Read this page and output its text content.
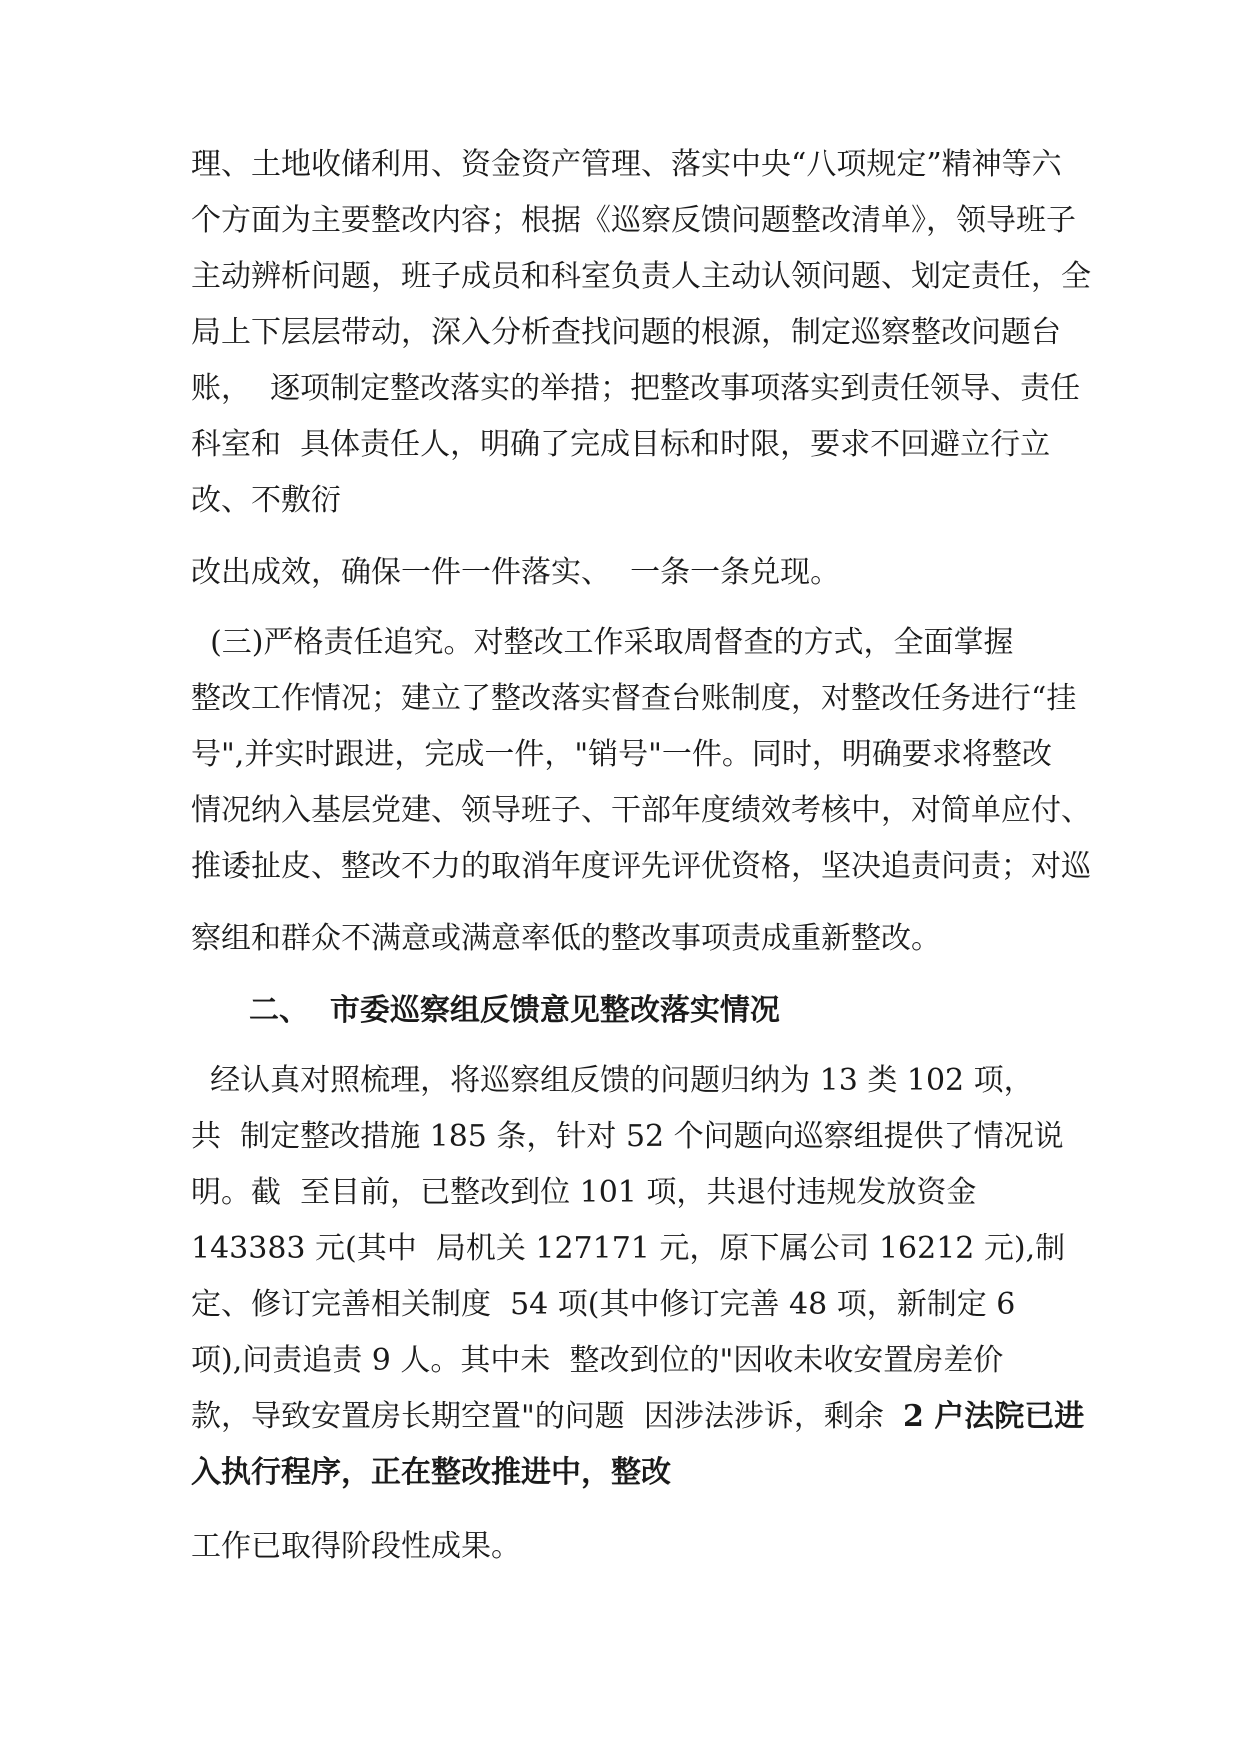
理、土地收储利用、资金资产管理、落实中央“八项规定”精神等六
个方面为主要整改内容；根据《巡察反馈问题整改清单》，领导班子
主动辨析问题，班子成员和科室负责人主动认领问题、划定责任，全
局上下层层带动，深入分析查找问题的根源，制定巡察整改问题台
账，  逐项制定整改落实的举措；把整改事项落实到责任领导、责任
科室和  具体责任人，明确了完成目标和时限，要求不回避立行立
改、不敷衍
改出成效，确保一件一件落实、  一条一条兑现。
(三)严格责任追究。对整改工作采取周督查的方式，全面掌握
整改工作情况；建立了整改落实督查台账制度，对整改任务进行“挂
号",并实时跟进，完成一件，"销号"一件。同时，明确要求将整改
情况纳入基层党建、领导班子、干部年度绩效考核中，对简单应付、
推诿扯皮、整改不力的取消年度评先评优资格，坚决追责问责；对巡
察组和群众不满意或满意率低的整改事项责成重新整改。
二、  市委巡察组反馈意见整改落实情况
经认真对照梳理，将巡察组反馈的问题归纳为 13 类 102 项，
共  制定整改措施 185 条，针对 52 个问题向巡察组提供了情况说
明。截  至目前，已整改到位 101 项，共退付违规发放资金
143383 元(其中  局机关 127171 元，原下属公司 16212 元),制
定、修订完善相关制度  54 项(其中修订完善 48 项，新制定 6
项),问责追责 9 人。其中未  整改到位的"因收未收安置房差价
款，导致安置房长期空置"的问题  因涉法涉诉，剩余  2 户法院已进
入执行程序，正在整改推进中，整改
工作已取得阶段性成果。
